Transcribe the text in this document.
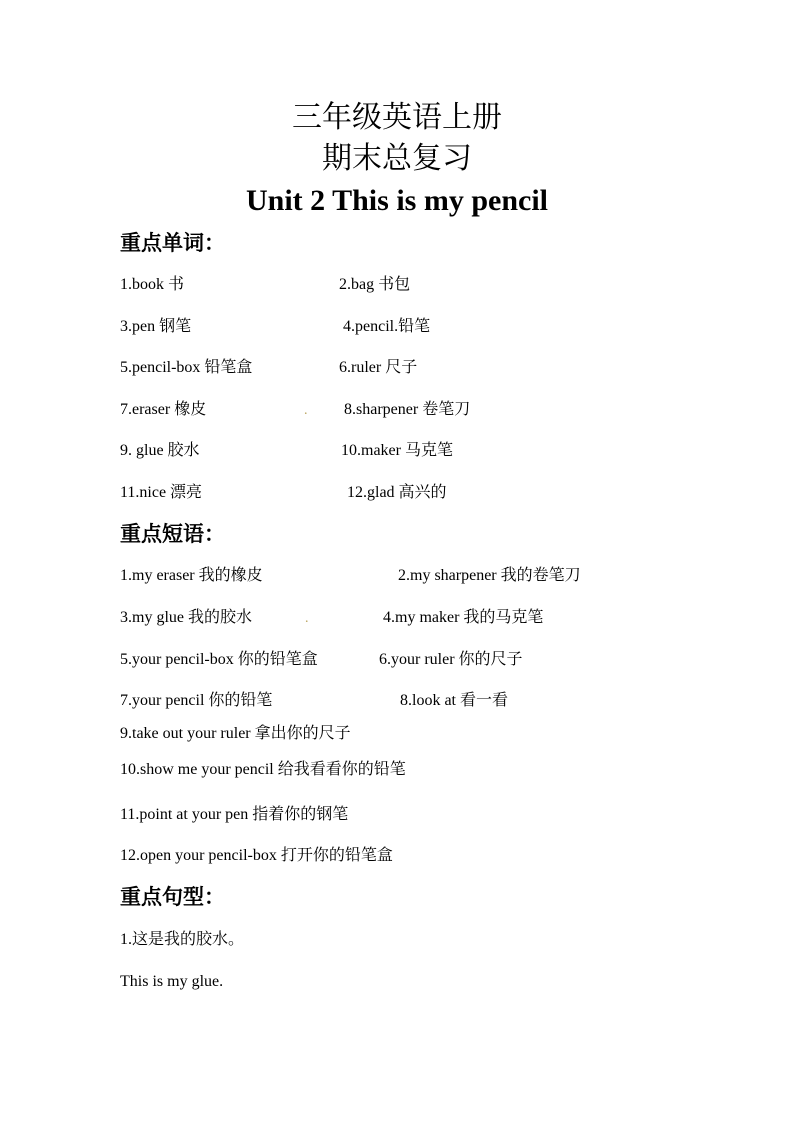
三年级英语上册
期末总复习
Unit 2 This is my pencil
重点单词：
1.book 书	2.bag 书包
3.pen 钢笔	4.pencil.铅笔
5.pencil-box 铅笔盒	6.ruler 尺子
7.eraser 橡皮	. 8.sharpener 卷笔刀
9. glue 胶水	10.maker 马克笔
11.nice 漂亮	12.glad 高兴的
重点短语：
1.my eraser 我的橡皮	2.my sharpener 我的卷笔刀
3.my glue 我的胶水	.	4.my maker 我的马克笔
5.your pencil-box 你的铅笔盒	6.your ruler 你的尺子
7.your pencil 你的铅笔	8.look at 看一看
9.take out your ruler 拿出你的尺子
10.show me your pencil 给我看看你的铅笔
11.point at your pen 指着你的钢笔
12.open your pencil-box 打开你的铅笔盒
重点句型：
1.这是我的胶水。
This is my glue.
